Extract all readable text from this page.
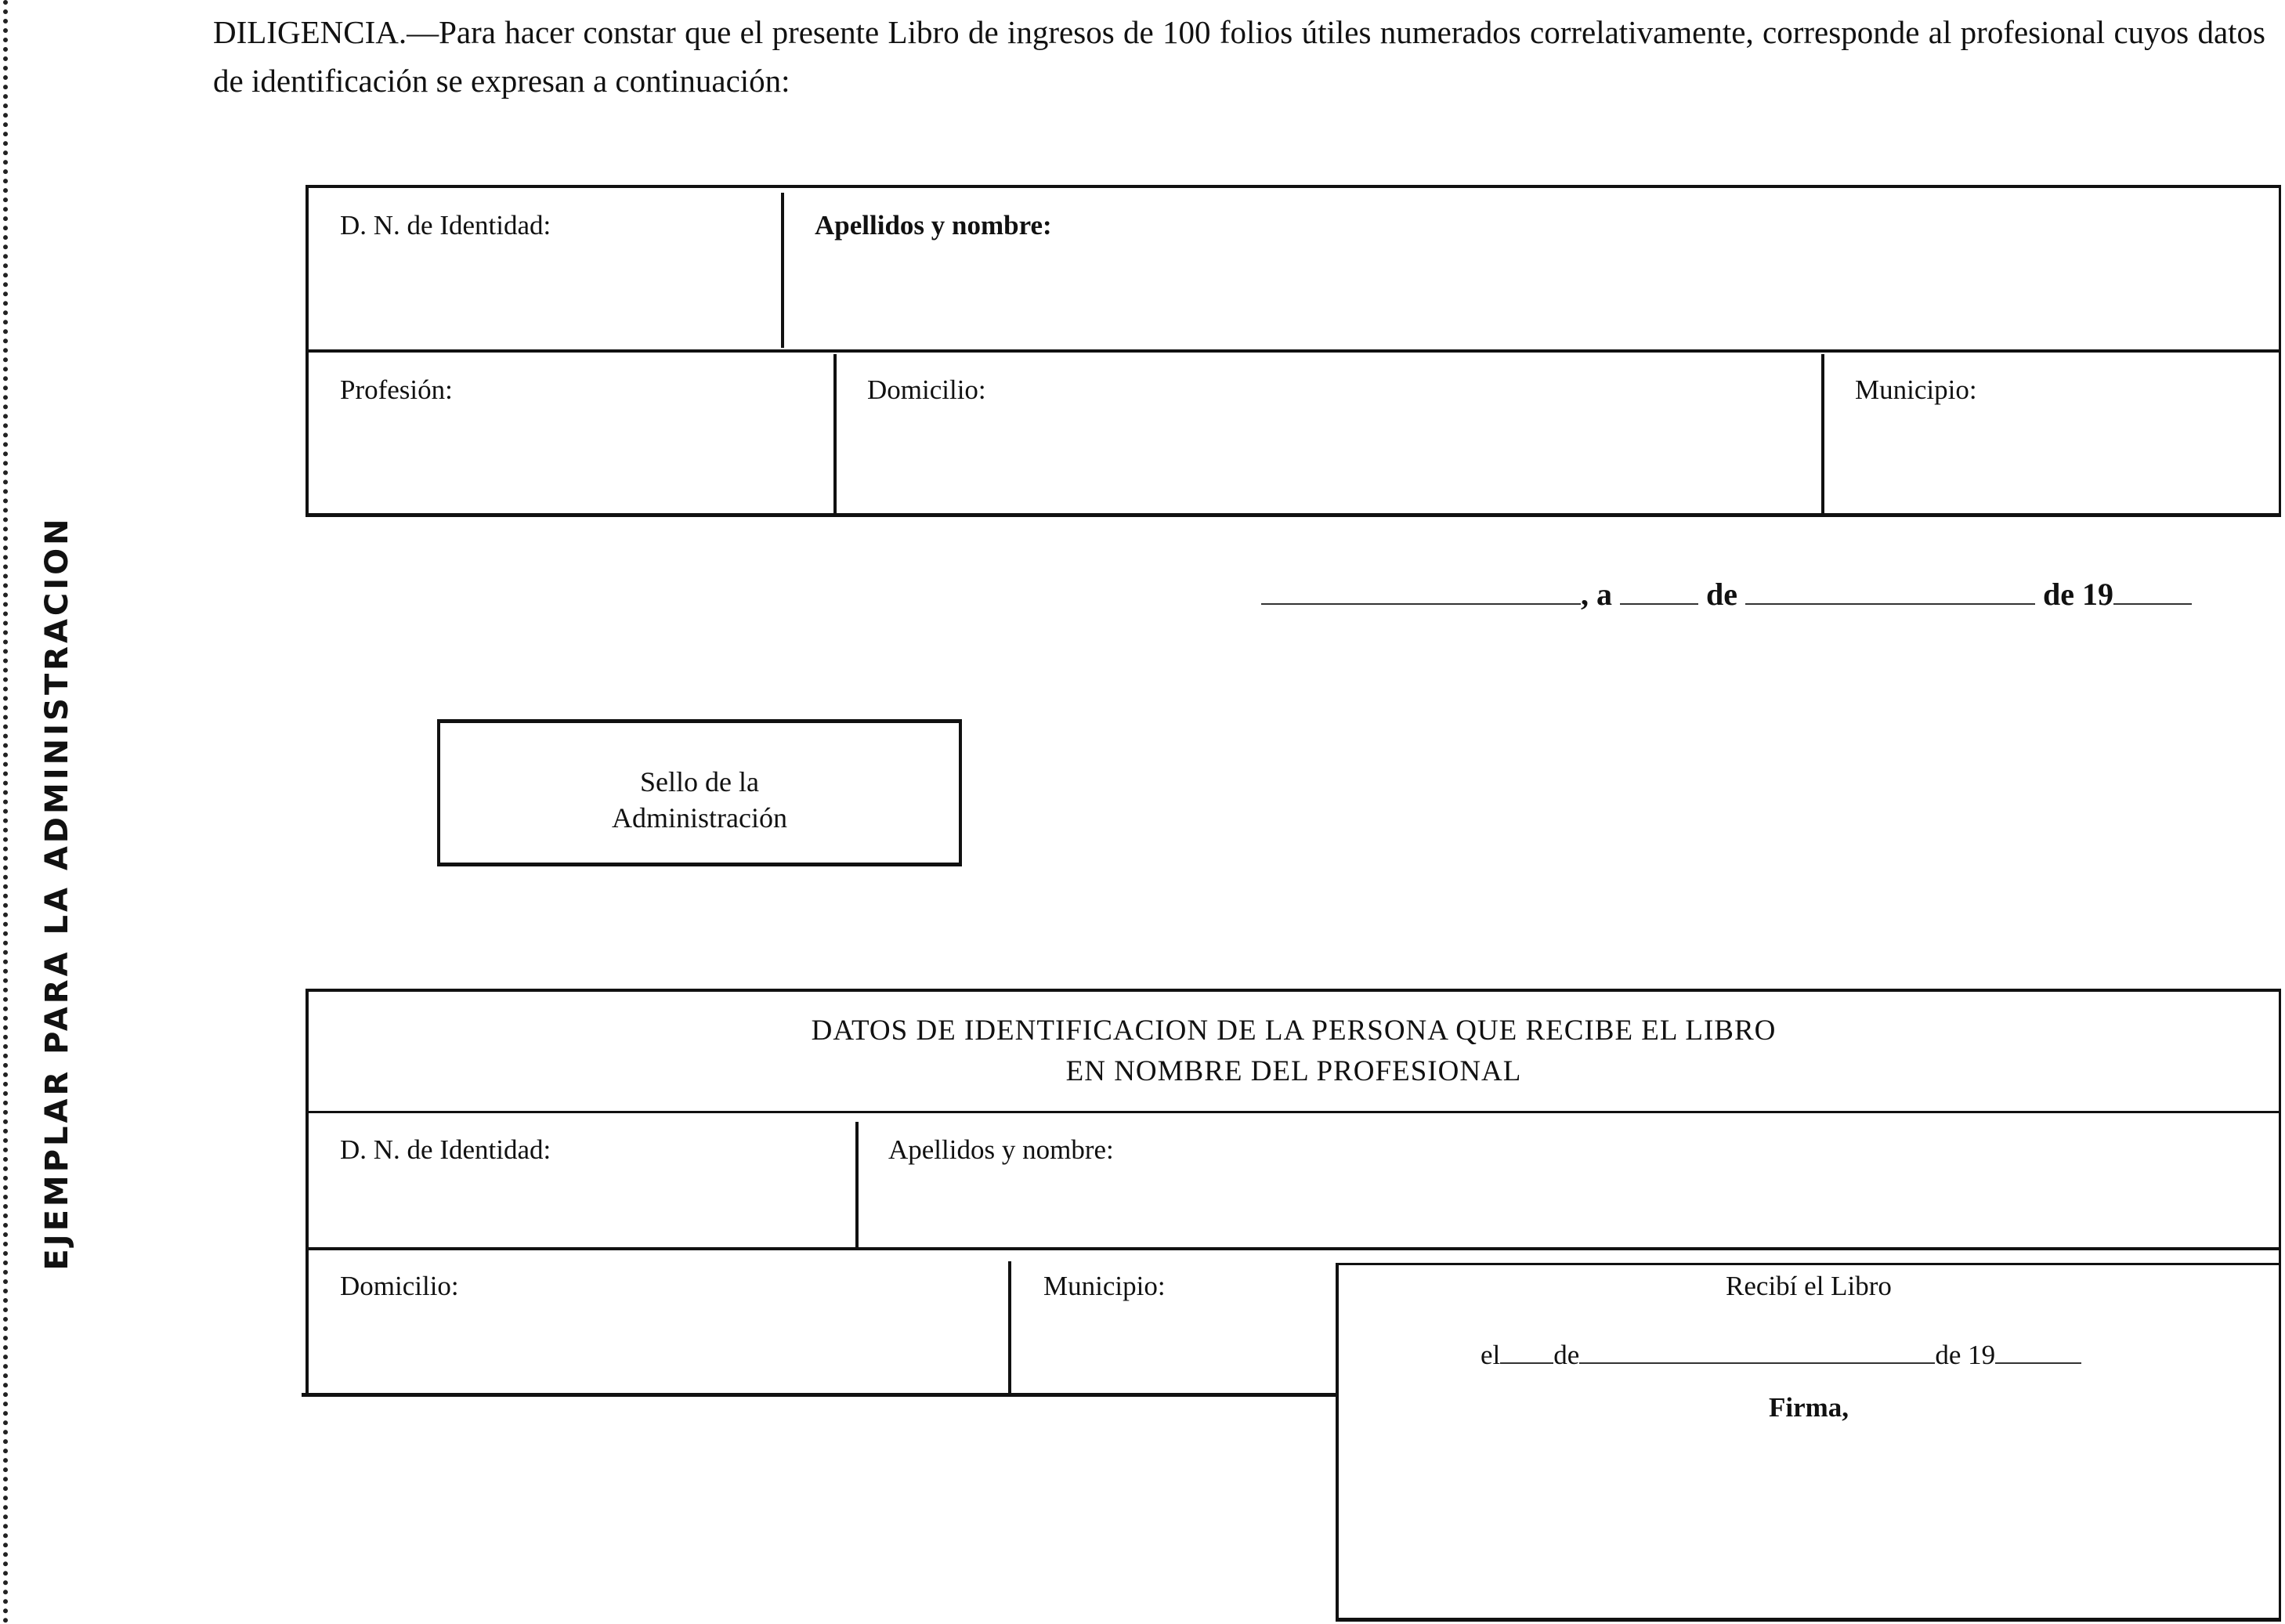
EJEMPLAR PARA LA ADMINISTRACION
DILIGENCIA.—Para hacer constar que el presente Libro de ingresos de 100 folios útiles numerados correlativamente, corresponde al profesional cuyos datos de identificación se expresan a continuación:
D. N. de Identidad:	Apellidos y nombre:
Profesión:	Domicilio:	Municipio:
, a	de	de 19
Sello de la
Administración
DATOS DE IDENTIFICACION DE LA PERSONA QUE RECIBE EL LIBRO
EN NOMBRE DEL PROFESIONAL
D. N. de Identidad:	Apellidos y nombre:
Domicilio:	Municipio:	Recibí el Libro
el de	de 19
Firma,
